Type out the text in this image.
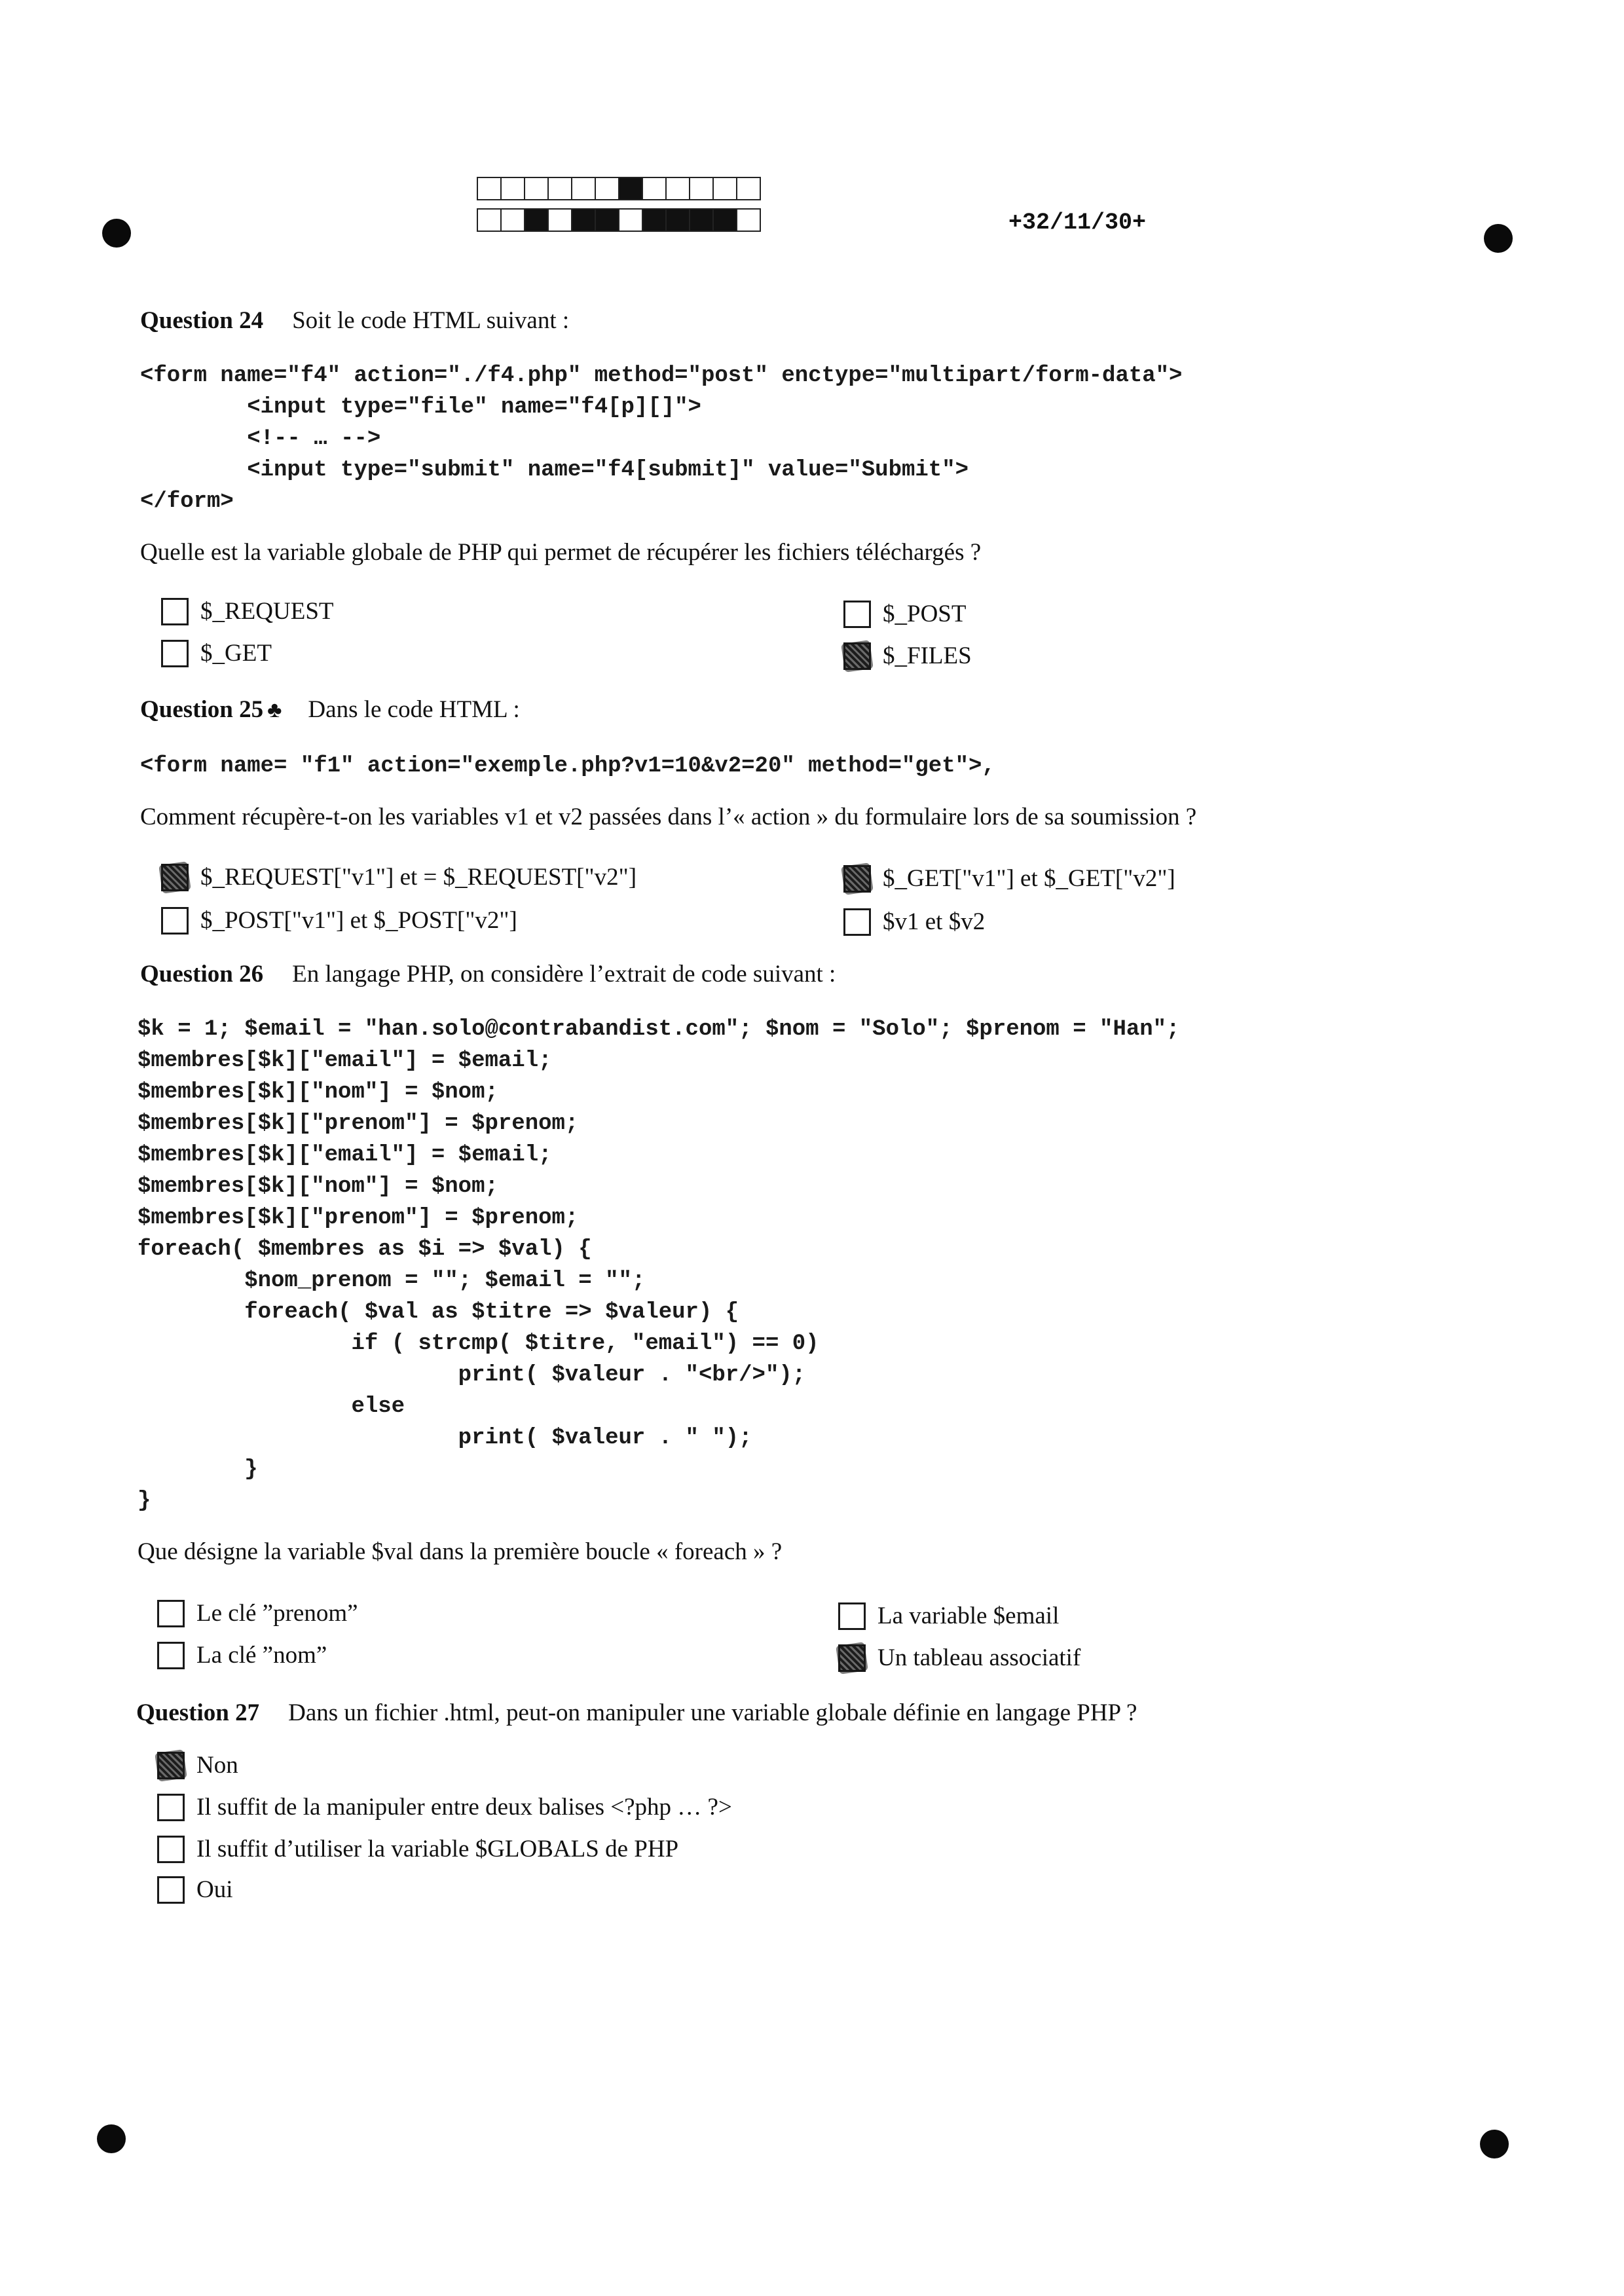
+32/11/30+
Question 24 Soit le code HTML suivant :
<form name="f4" action="./f4.php" method="post" enctype="multipart/form-data">
<input type="file" name="f4[p][]">
<!-- … -->
<input type="submit" name="f4[submit]" value="Submit">
</form>
Quelle est la variable globale de PHP qui permet de récupérer les fichiers téléchargés ?
$_REQUEST	$_POST
$_GET	$_FILES
Question 25 ♣ Dans le code HTML :
<form name= "f1" action="exemple.php?v1=10&v2=20" method="get">,
Comment récupère-t-on les variables v1 et v2 passées dans l’« action » du formulaire lors de sa soumission ?
$_REQUEST["v1"] et = $_REQUEST["v2"]	$_GET["v1"] et $_GET["v2"]
$_POST["v1"] et $_POST["v2"]	$v1 et $v2
Question 26 En langage PHP, on considère l’extrait de code suivant :
$k = 1; $email = "han.solo@contrabandist.com"; $nom = "Solo"; $prenom = "Han";
$membres[$k]["email"] = $email;
$membres[$k]["nom"] = $nom;
$membres[$k]["prenom"] = $prenom;
$membres[$k]["email"] = $email;
$membres[$k]["nom"] = $nom;
$membres[$k]["prenom"] = $prenom;
foreach( $membres as $i => $val) {
$nom_prenom = ""; $email = "";
foreach( $val as $titre => $valeur) {
if ( strcmp( $titre, "email") == 0)
print( $valeur . "<br/>");
else
print( $valeur . " ");
}
}
Que désigne la variable $val dans la première boucle « foreach » ?
Le clé ”prenom”	La variable $email
La clé ”nom”	Un tableau associatif
Question 27 Dans un fichier .html, peut-on manipuler une variable globale définie en langage PHP ?
Non
Il suffit de la manipuler entre deux balises <?php … ?>
Il suffit d’utiliser la variable $GLOBALS de PHP
Oui
